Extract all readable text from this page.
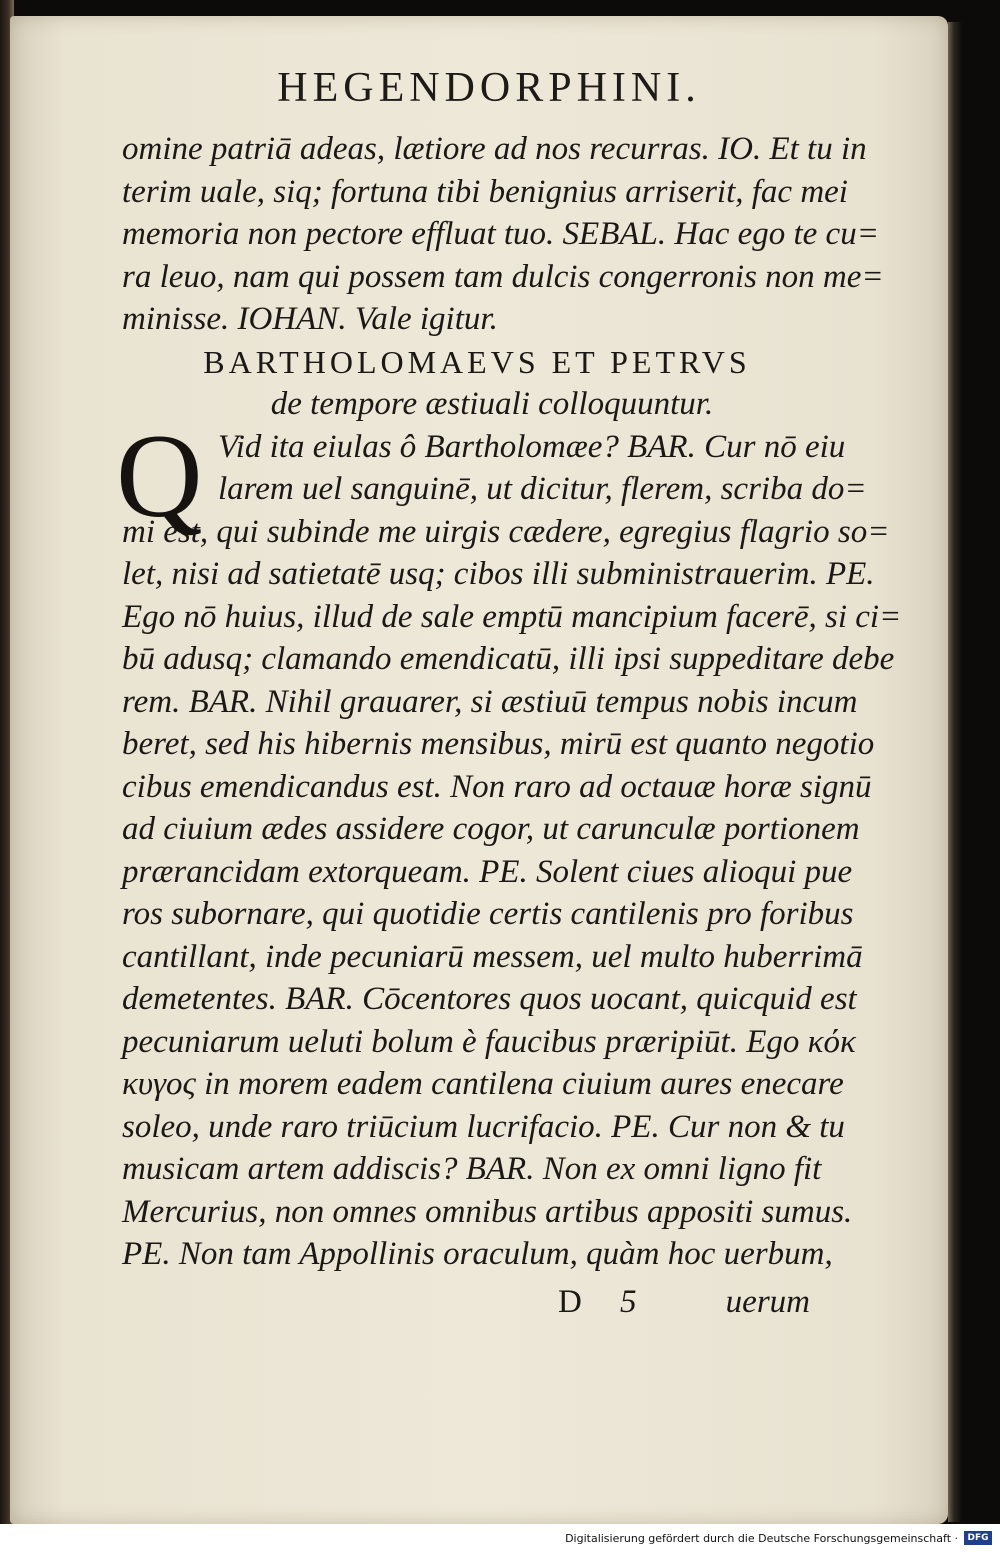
HEGENDORPHINI.
omine patriā adeas, lætiore ad nos recurras. IO. Et tu in
terim uale, siq; fortuna tibi benignius arriserit, fac mei
memoria non pectore effluat tuo. SEBAL. Hac ego te cu=
ra leuo, nam qui possem tam dulcis congerronis non me=
minisse. IOHAN. Vale igitur.
BARTHOLOMAEVS ET PETRVS
de tempore æstiuali colloquuntur.
Q Vid ita eiulas ô Bartholomæe? BAR. Cur nō eiu
larem uel sanguinē, ut dicitur, flerem, scriba do=
mi est, qui subinde me uirgis cædere, egregius flagrio so=
let, nisi ad satietatē usq; cibos illi subministrauerim. PE.
Ego nō huius, illud de sale emptū mancipium facerē, si ci=
bū adusq; clamando emendicatū, illi ipsi suppeditare debe
rem. BAR. Nihil grauarer, si æstiuū tempus nobis incum
beret, sed his hibernis mensibus, mirū est quanto negotio
cibus emendicandus est. Non raro ad octauæ horæ signū
ad ciuium ædes assidere cogor, ut carunculæ portionem
prærancidam extorqueam. PE. Solent ciues alioqui pue
ros subornare, qui quotidie certis cantilenis pro foribus
cantillant, inde pecuniarū messem, uel multo huberrimā
demetentes. BAR. Cōcentores quos uocant, quicquid est
pecuniarum ueluti bolum è faucibus præripiūt. Ego κόκ
κυγος in morem eadem cantilena ciuium aures enecare
soleo, unde raro triūcium lucrifacio. PE. Cur non & tu
musicam artem addiscis? BAR. Non ex omni ligno fit
Mercurius, non omnes omnibus artibus appositi sumus.
PE. Non tam Appollinis oraculum, quàm hoc uerbum,
D 5	uerum
Digitalisierung gefördert durch die Deutsche Forschungsgemeinschaft ·	DFG
